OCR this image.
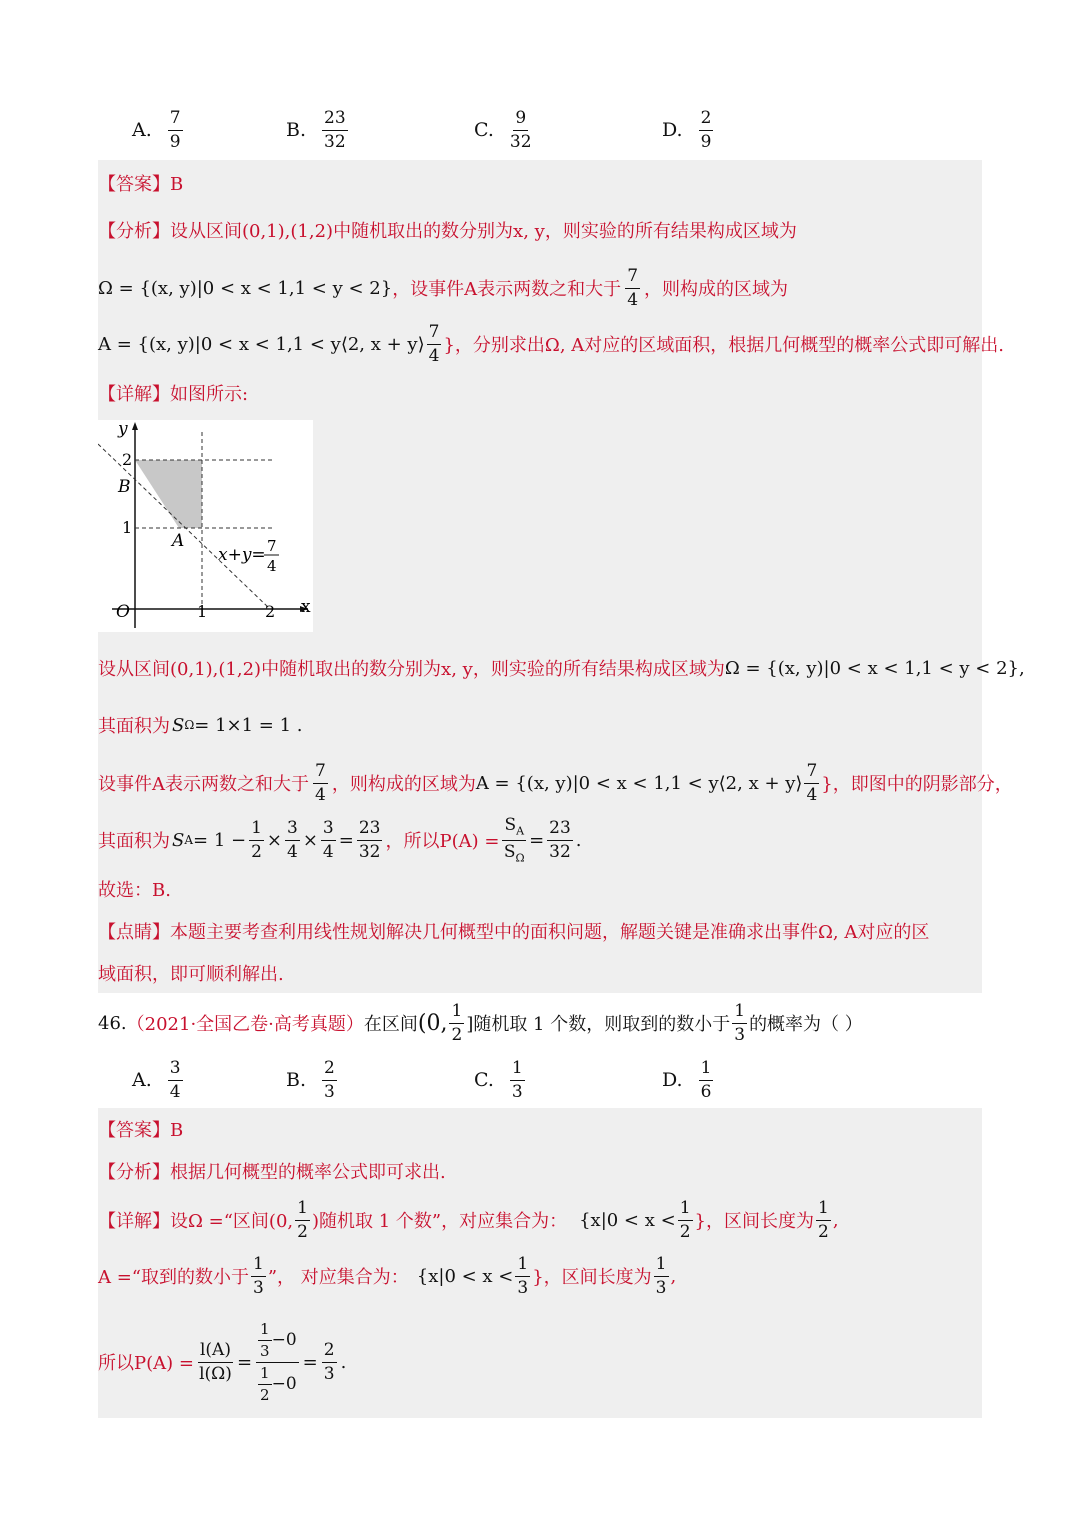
A. $\frac{7}{9}$	B. $\frac{23}{32}$	C. $\frac{9}{32}$	D. $\frac{2}{9}$
【答案】B
【分析】 设从区间(0,1),(1,2)中随机取出的数分别为x, y，则实验的所有结果构成区域为
Ω = {(x, y)|0 < x < 1,1 < y < 2} ，设事件A表示两数之和大于 $\frac{7}{4}$ ，则构成的区域为
A = {(x, y)|0 < x < 1,1 < y⟨2, x + y⟩ $\frac{7}{4}$ }，分别求出Ω, A对应的区域面积，根据几何概型的概率公式即可解出.
【详解】 如图所示:
y
x
O
B
A
2
1
1	2
x+y= 7
4
设从区间(0,1),(1,2)中随机取出的数分别为x, y，则实验的所有结果构成区域为 Ω = {(x, y)|0 < x < 1,1 < y < 2},
其面积为 S Ω = 1×1 = 1 .
设事件A表示两数之和大于 $\frac{7}{4}$ ，则构成的区域为 A = {(x, y)|0 < x < 1,1 < y⟨2, x + y⟩ $\frac{7}{4}$ }，即图中的阴影部分，
其面积为 S $A = 1 - \frac{1}{2} \times \frac{3}{4} \times \frac{3}{4} = \frac{23}{32}$ ，所以$P(A) = \frac{S_A}{S_\Omega} = \frac{23}{32}$ .
故选：B.
【点睛】 本题主要考查利用线性规划解决几何概型中的面积问题，解题关键是准确求出事件Ω, A对应的区
域面积，即可顺利解出.
46. （2021·全国乙卷·高考真题） 在区间 (0, $\frac{1}{2}$ ]随机取 1 个数，则取到的数小于 $\frac{1}{3}$ 的概率为（ ）
A. $\frac{3}{4}$	B. $\frac{2}{3}$	C. $\frac{1}{3}$	D. $\frac{1}{6}$
【答案】B
【分析】 根据几何概型的概率公式即可求出.
【详解】 设Ω =“区间(0, $\frac{1}{2}$ )随机取 1 个数”，对应集合为： {$x|0 < x < \frac{1}{2}$ }，区间长度为 $\frac{1}{2}$ ,
A =“取到的数小于 $\frac{1}{3}$ ”， 对应集合为： {$x|0 < x < \frac{1}{3}$ }，区间长度为 $\frac{1}{3}$ ,
所以$P(A) = \frac{l(A)}{l(\Omega)} = \frac{\frac{1}{3} -0}{\frac{1}{2} -0} = \frac{2}{3}$ .
